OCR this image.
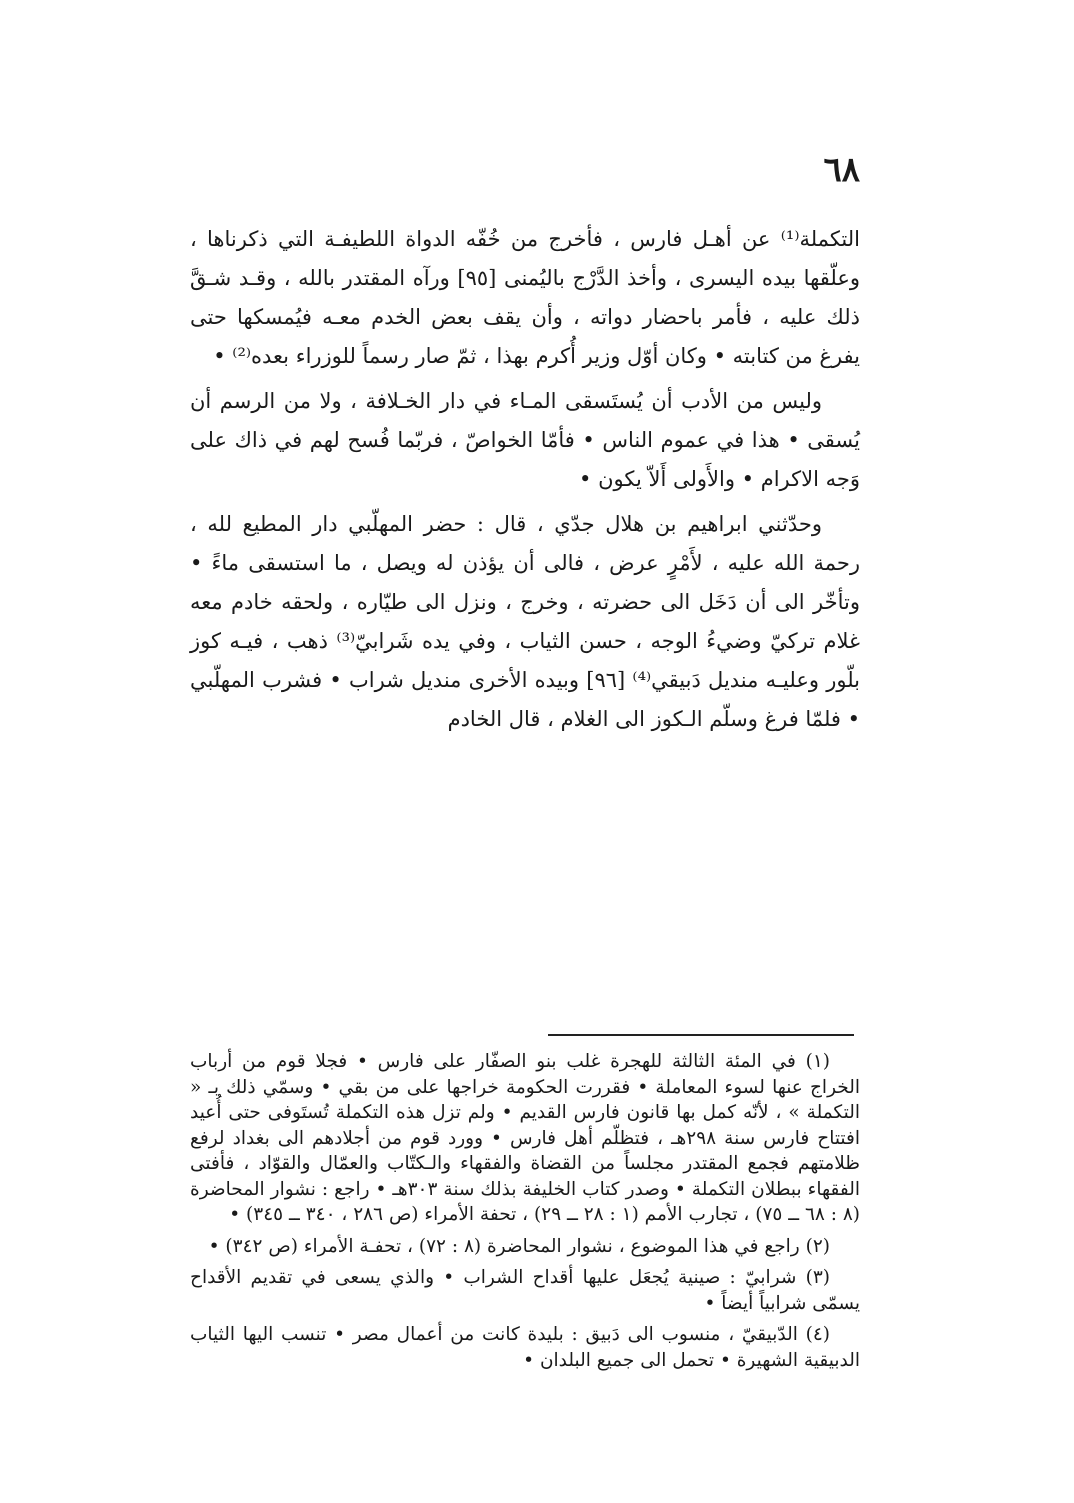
٦٨

التكملة⁽¹⁾ عن أهـل فارس ، فأخرج من خُفّه الدواة اللطيفـة التي ذكرناها ، وعلّقها بيده اليسرى ، وأخذ الدَّرْج باليُمنى [٩٥] ورآه المقتدر بالله ، وقـد شـقَّ ذلك عليه ، فأمر باحضار دواته ، وأن يقف بعض الخدم معـه فيُمسكها حتى يفرغ من كتابته • وكان أوّل وزير أُكرم بهذا ، ثمّ صار رسماً للوزراء بعده⁽²⁾ •

وليس من الأدب أن يُستَسقى المـاء في دار الخـلافة ، ولا من الرسم أن يُسقى • هذا في عموم الناس • فأمّا الخواصّ ، فربّما فُسح لهم في ذاك على وَجه الاكرام • والأَولى أَلاّ يكون •

وحدّثني ابراهيم بن هلال جدّي ، قال : حضر المهلّبي دار المطيع لله ، رحمة الله عليه ، لأَمْرٍ عرض ، فالى أن يؤذن له ويصل ، ما استسقى ماءً • وتأخّر الى أن دَخَل الى حضرته ، وخرج ، ونزل الى طيّاره ، ولحقه خادم معه غلام تركيّ وضيءُ الوجه ، حسن الثياب ، وفي يده شَرابيّ⁽³⁾ ذهب ، فيـه كوز بلّور وعليـه منديل دَبيقي⁽⁴⁾ [٩٦] وبيده الأخرى منديل شراب • فشرب المهلّبي • فلمّا فرغ وسلّم الـكوز الى الغلام ، قال الخادم

(١) في المئة الثالثة للهجرة غلب بنو الصفّار على فارس • فجلا قوم من أرباب الخراج عنها لسوء المعاملة • فقررت الحكومة خراجها على من بقي • وسمّي ذلك بـ « التكملة » ، لأنّه كمل بها قانون فارس القديم • ولم تزل هذه التكملة تُستَوفى حتى أُعيد افتتاح فارس سنة ٢٩٨هـ ، فتظلّم أهل فارس • وورد قوم من أجلادهم الى بغداد لرفع ظلامتهم فجمع المقتدر مجلساً من القضاة والفقهاء والـكتّاب والعمّال والقوّاد ، فأفتى الفقهاء ببطلان التكملة • وصدر كتاب الخليفة بذلك سنة ٣٠٣هـ • راجع : نشوار المحاضرة (٨ : ٦٨ ــ ٧٥) ، تجارب الأمم (١ : ٢٨ ــ ٢٩) ، تحفة الأمراء (ص ٢٨٦ ، ٣٤٠ ــ ٣٤٥) •

(٢) راجع في هذا الموضوع ، نشوار المحاضرة (٨ : ٧٢) ، تحفـة الأمراء (ص ٣٤٢) •

(٣) شرابيّ : صينية يُجعَل عليها أقداح الشراب • والذي يسعى في تقديم الأقداح يسمّى شرابياً أيضاً •

(٤) الدّبيقيّ ، منسوب الى دَبيق : بليدة كانت من أعمال مصر • تنسب اليها الثياب الدبيقية الشهيرة • تحمل الى جميع البلدان •
